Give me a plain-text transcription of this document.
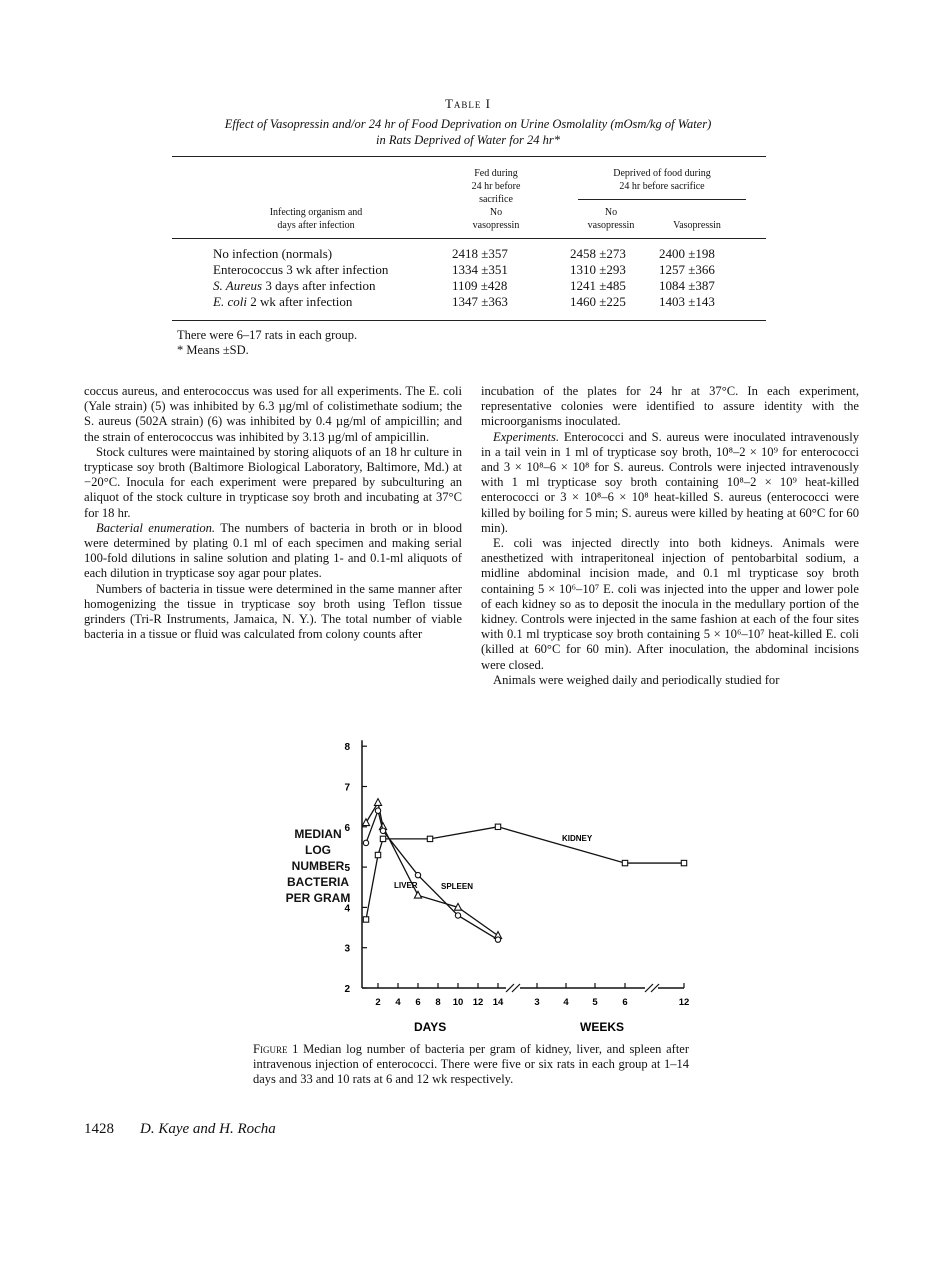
Table I
Effect of Vasopressin and/or 24 hr of Food Deprivation on Urine Osmolality (mOsm/kg of Water)
in Rats Deprived of Water for 24 hr*
Infecting organism and
days after infection
Fed during
24 hr before
sacrifice
No
vasopressin
Deprived of food during
24 hr before sacrifice
No
vasopressin	Vasopressin
No infection (normals)	2418 ±357	2458 ±273	2400 ±198
Enterococcus 3 wk after infection	1334 ±351	1310 ±293	1257 ±366
S. Aureus 3 days after infection	1109 ±428	1241 ±485	1084 ±387
E. coli 2 wk after infection	1347 ±363	1460 ±225	1403 ±143
There were 6–17 rats in each group.
* Means ±SD.

coccus aureus, and enterococcus was used for all experiments. The E. coli (Yale strain) (5) was inhibited by 6.3 µg/ml of colistimethate sodium; the S. aureus (502A strain) (6) was inhibited by 0.4 µg/ml of ampicillin; and the strain of enterococcus was inhibited by 3.13 µg/ml of ampicillin.

Stock cultures were maintained by storing aliquots of an 18 hr culture in trypticase soy broth (Baltimore Biological Laboratory, Baltimore, Md.) at −20°C. Inocula for each experiment were prepared by subculturing an aliquot of the stock culture in trypticase soy broth and incubating at 37°C for 18 hr.

Bacterial enumeration. The numbers of bacteria in broth or in blood were determined by plating 0.1 ml of each specimen and making serial 100-fold dilutions in saline solution and plating 1- and 0.1-ml aliquots of each dilution in trypticase soy agar pour plates.

Numbers of bacteria in tissue were determined in the same manner after homogenizing the tissue in trypticase soy broth using Teflon tissue grinders (Tri-R Instruments, Jamaica, N. Y.). The total number of viable bacteria in a tissue or fluid was calculated from colony counts after

incubation of the plates for 24 hr at 37°C. In each experiment, representative colonies were identified to assure identity with the microorganisms inoculated.

Experiments. Enterococci and S. aureus were inoculated intravenously in a tail vein in 1 ml of trypticase soy broth, 10⁸–2 × 10⁹ for enterococci and 3 × 10⁸–6 × 10⁸ for S. aureus. Controls were injected intravenously with 1 ml trypticase soy broth containing 10⁸–2 × 10⁹ heat-killed enterococci or 3 × 10⁸–6 × 10⁸ heat-killed S. aureus (enterococci were killed by boiling for 5 min; S. aureus were killed by heating at 60°C for 60 min).

E. coli was injected directly into both kidneys. Animals were anesthetized with intraperitoneal injection of pentobarbital sodium, a midline abdominal incision made, and 0.1 ml trypticase soy broth containing 5 × 10⁶–10⁷ E. coli was injected into the upper and lower pole of each kidney so as to deposit the inocula in the medullary portion of the kidney. Controls were injected in the same fashion at each of the four sites with 0.1 ml trypticase soy broth containing 5 × 10⁶–10⁷ heat-killed E. coli (killed at 60°C for 60 min). After inoculation, the abdominal incisions were closed.

Animals were weighed daily and periodically studied for

MEDIAN
LOG
NUMBER
BACTERIA
PER GRAM
2
3
4
5
6
7
8
2 4 6 8 10 12 14	3 4 5	6	12
KIDNEY
LIVER	SPLEEN
DAYS	WEEKS
Figure 1 Median log number of bacteria per gram of kidney, liver, and spleen after intravenous injection of enterococci. There were five or six rats in each group at 1–14 days and 33 and 10 rats at 6 and 12 wk respectively.
1428 D. Kaye and H. Rocha
